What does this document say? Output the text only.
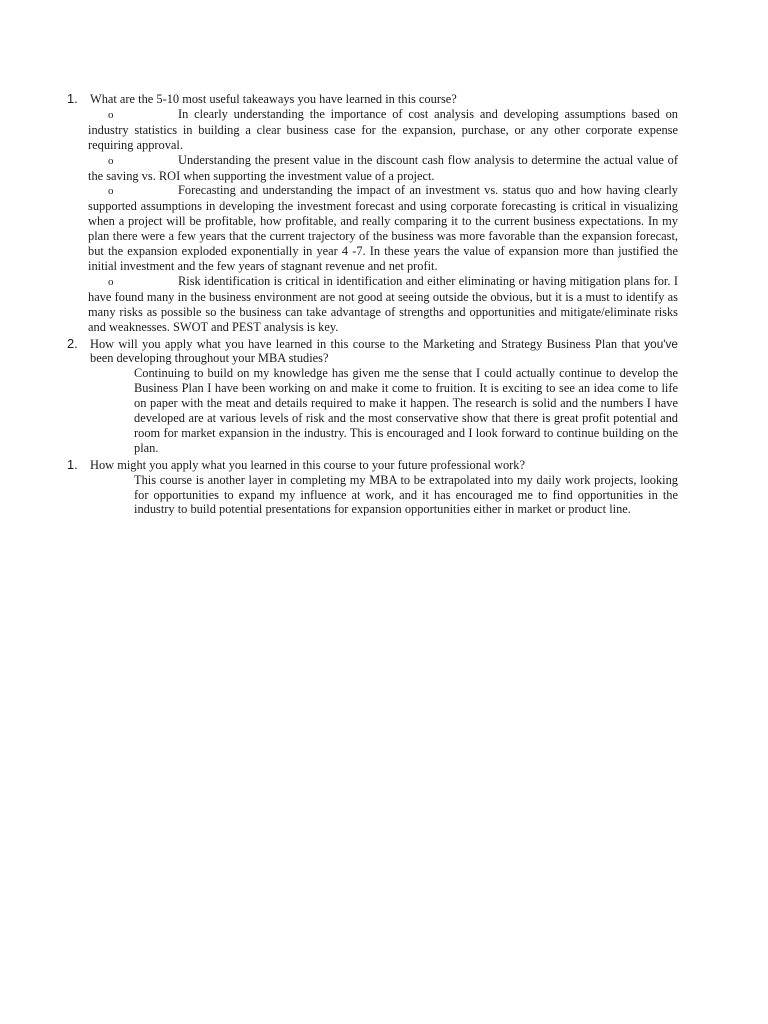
1. What are the 5-10 most useful takeaways you have learned in this course?
o	In clearly understanding the importance of cost analysis and developing assumptions based on industry statistics in building a clear business case for the expansion, purchase, or any other corporate expense requiring approval.
o	Understanding the present value in the discount cash flow analysis to determine the actual value of the saving vs. ROI when supporting the investment value of a project.
o	Forecasting and understanding the impact of an investment vs. status quo and how having clearly supported assumptions in developing the investment forecast and using corporate forecasting is critical in visualizing when a project will be profitable, how profitable, and really comparing it to the current business expectations. In my plan there were a few years that the current trajectory of the business was more favorable than the expansion forecast, but the expansion exploded exponentially in year 4 -7. In these years the value of expansion more than justified the initial investment and the few years of stagnant revenue and net profit.
o	Risk identification is critical in identification and either eliminating or having mitigation plans for. I have found many in the business environment are not good at seeing outside the obvious, but it is a must to identify as many risks as possible so the business can take advantage of strengths and opportunities and mitigate/eliminate risks and weaknesses. SWOT and PEST analysis is key.
2. How will you apply what you have learned in this course to the Marketing and Strategy Business Plan that you've been developing throughout your MBA studies?
Continuing to build on my knowledge has given me the sense that I could actually continue to develop the Business Plan I have been working on and make it come to fruition. It is exciting to see an idea come to life on paper with the meat and details required to make it happen. The research is solid and the numbers I have developed are at various levels of risk and the most conservative show that there is great profit potential and room for market expansion in the industry. This is encouraged and I look forward to continue building on the plan.
1. How might you apply what you learned in this course to your future professional work?
This course is another layer in completing my MBA to be extrapolated into my daily work projects, looking for opportunities to expand my influence at work, and it has encouraged me to find opportunities in the industry to build potential presentations for expansion opportunities either in market or product line.
